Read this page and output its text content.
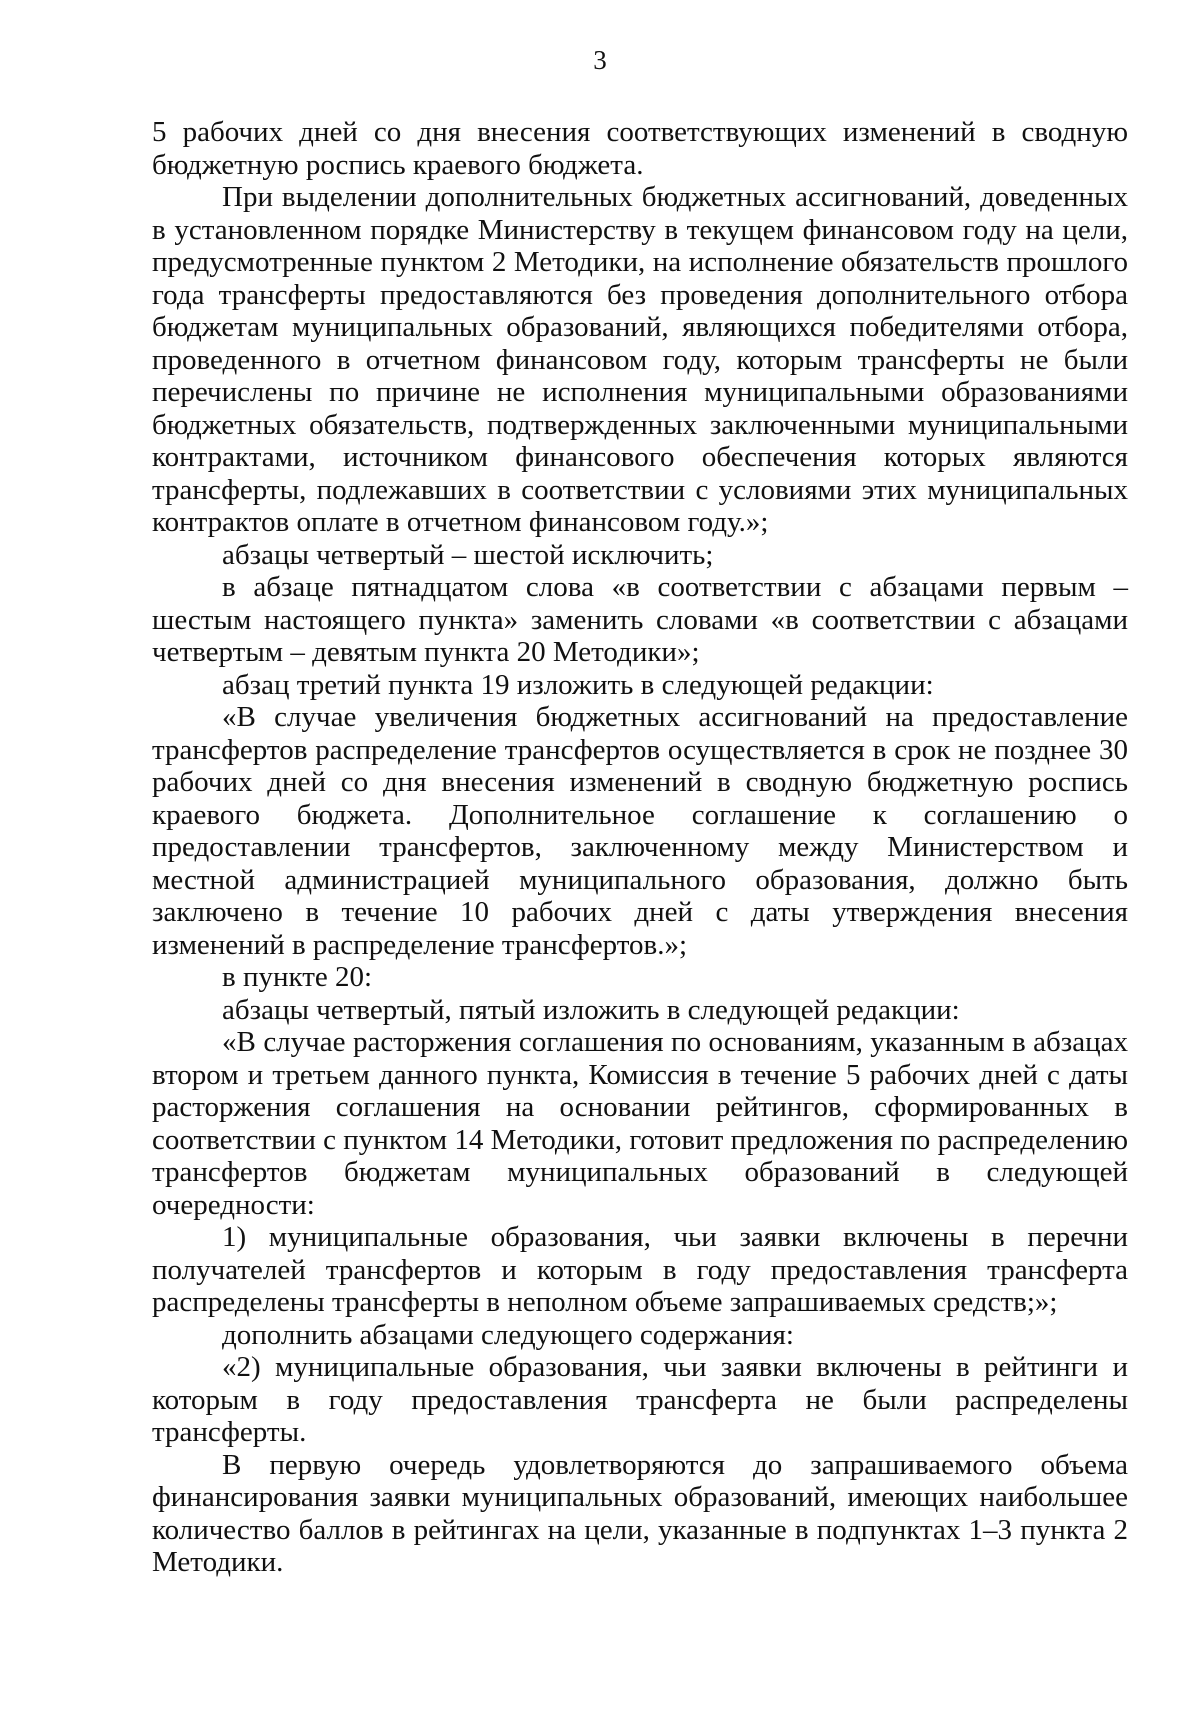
3

5 рабочих дней со дня внесения соответствующих изменений в сводную бюджетную роспись краевого бюджета.

При выделении дополнительных бюджетных ассигнований, доведенных в установленном порядке Министерству в текущем финансовом году на цели, предусмотренные пунктом 2 Методики, на исполнение обязательств прошлого года трансферты предоставляются без проведения дополнительного отбора бюджетам муниципальных образований, являющихся победителями отбора, проведенного в отчетном финансовом году, которым трансферты не были перечислены по причине не исполнения муниципальными образованиями бюджетных обязательств, подтвержденных заключенными муниципальными контрактами, источником финансового обеспечения которых являются трансферты, подлежавших в соответствии с условиями этих муниципальных контрактов оплате в отчетном финансовом году.»;

абзацы четвертый – шестой исключить;

в абзаце пятнадцатом слова «в соответствии с абзацами первым – шестым настоящего пункта» заменить словами «в соответствии с абзацами четвертым – девятым пункта 20 Методики»;

абзац третий пункта 19 изложить в следующей редакции:

«В случае увеличения бюджетных ассигнований на предоставление трансфертов распределение трансфертов осуществляется в срок не позднее 30 рабочих дней со дня внесения изменений в сводную бюджетную роспись краевого бюджета. Дополнительное соглашение к соглашению о предоставлении трансфертов, заключенному между Министерством и местной администрацией муниципального образования, должно быть заключено в течение 10 рабочих дней с даты утверждения внесения изменений в распределение трансфертов.»;

в пункте 20:

абзацы четвертый, пятый изложить в следующей редакции:

«В случае расторжения соглашения по основаниям, указанным в абзацах втором и третьем данного пункта, Комиссия в течение 5 рабочих дней с даты расторжения соглашения на основании рейтингов, сформированных в соответствии с пунктом 14 Методики, готовит предложения по распределению трансфертов бюджетам муниципальных образований в следующей очередности:

1) муниципальные образования, чьи заявки включены в перечни получателей трансфертов и которым в году предоставления трансферта распределены трансферты в неполном объеме запрашиваемых средств;»;

дополнить абзацами следующего содержания:

«2) муниципальные образования, чьи заявки включены в рейтинги и которым в году предоставления трансферта не были распределены трансферты.

В первую очередь удовлетворяются до запрашиваемого объема финансирования заявки муниципальных образований, имеющих наибольшее количество баллов в рейтингах на цели, указанные в подпунктах 1–3 пункта 2 Методики.
